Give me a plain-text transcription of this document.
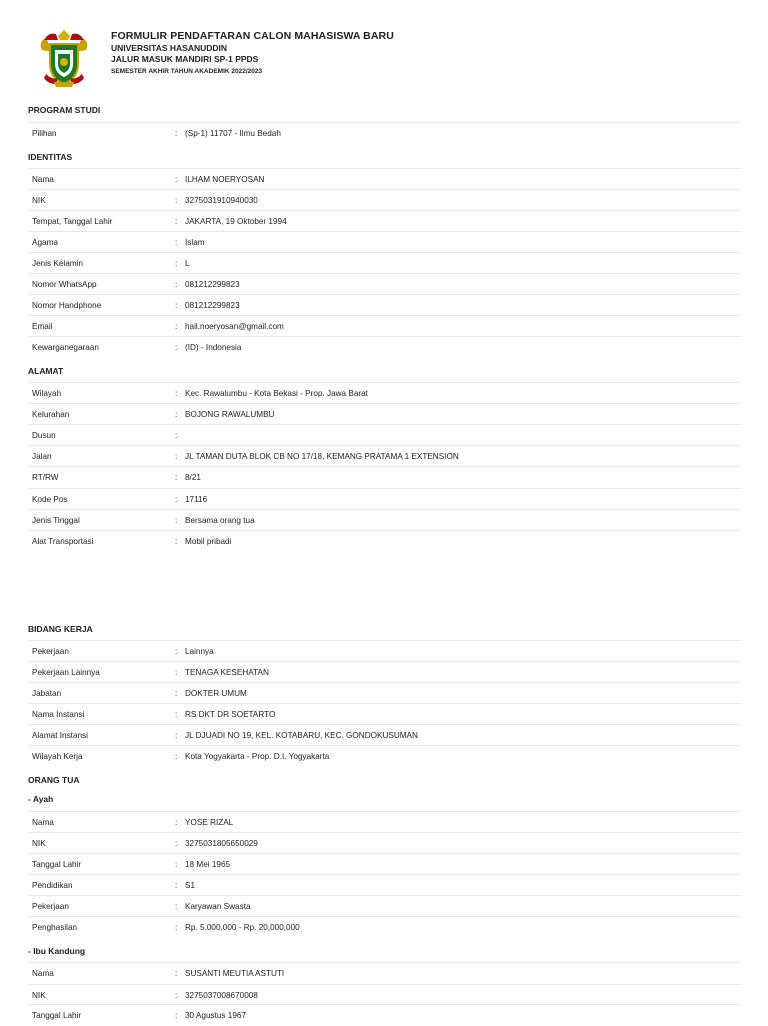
FORMULIR PENDAFTARAN CALON MAHASISWA BARU
UNIVERSITAS HASANUDDIN
JALUR MASUK MANDIRI SP-1 PPDS
SEMESTER AKHIR TAHUN AKADEMIK 2022/2023
PROGRAM STUDI
Pilihan	: (Sp-1) 11707 - Ilmu Bedah
IDENTITAS
Nama	: ILHAM NOERYOSAN
NIK	: 3275031910940030
Tempat, Tanggal Lahir	: JAKARTA, 19 Oktober 1994
Agama	: Islam
Jenis Kelamin	: L
Nomor WhatsApp	: 081212299823
Nomor Handphone	: 081212299823
Email	: hail.noeryosan@gmail.com
Kewarganegaraan	: (ID) - Indonesia
ALAMAT
Wilayah	: Kec. Rawalumbu - Kota Bekasi - Prop. Jawa Barat
Kelurahan	: BOJONG RAWALUMBU
Dusun	:
Jalan	: JL TAMAN DUTA BLOK CB NO 17/18, KEMANG PRATAMA 1 EXTENSION
RT/RW	: 8/21
Kode Pos	: 17116
Jenis Tinggal	: Bersama orang tua
Alat Transportasi	: Mobil pribadi
BIDANG KERJA
Pekerjaan	: Lainnya
Pekerjaan Lainnya	: TENAGA KESEHATAN
Jabatan	: DOKTER UMUM
Nama Instansi	: RS DKT DR SOETARTO
Alamat Instansi	: JL DJUADI NO 19, KEL. KOTABARU, KEC. GONDOKUSUMAN
Wilayah Kerja	: Kota Yogyakarta - Prop. D.I. Yogyakarta
ORANG TUA
- Ayah
Nama	: YOSE RIZAL
NIK	: 3275031805650029
Tanggal Lahir	: 18 Mei 1965
Pendidikan	: S1
Pekerjaan	: Karyawan Swasta
Penghasilan	: Rp. 5,000,000 - Rp. 20,000,000
- Ibu Kandung
Nama	: SUSANTI MEUTIA ASTUTI
NIK	: 3275037008670008
Tanggal Lahir	: 30 Agustus 1967
